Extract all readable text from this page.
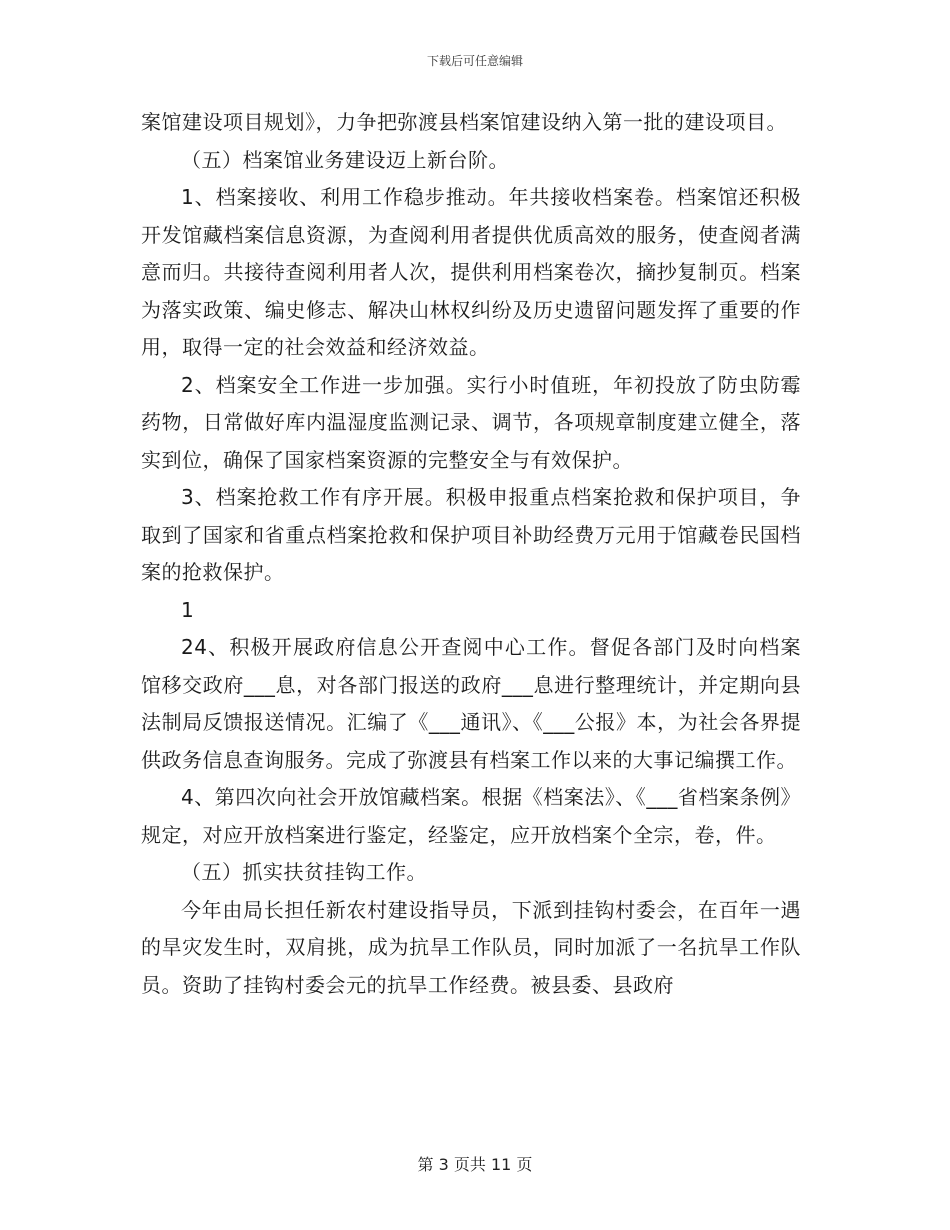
下载后可任意编辑

案馆建设项目规划》，力争把弥渡县档案馆建设纳入第一批的建设项目。

（五）档案馆业务建设迈上新台阶。

1、档案接收、利用工作稳步推动。年共接收档案卷。档案馆还积极开发馆藏档案信息资源，为查阅利用者提供优质高效的服务，使查阅者满意而归。共接待查阅利用者人次，提供利用档案卷次，摘抄复制页。档案为落实政策、编史修志、解决山林权纠纷及历史遗留问题发挥了重要的作用，取得一定的社会效益和经济效益。

2、档案安全工作进一步加强。实行小时值班，年初投放了防虫防霉药物，日常做好库内温湿度监测记录、调节，各项规章制度建立健全，落实到位，确保了国家档案资源的完整安全与有效保护。

3、档案抢救工作有序开展。积极申报重点档案抢救和保护项目，争取到了国家和省重点档案抢救和保护项目补助经费万元用于馆藏卷民国档案的抢救保护。

1

24、积极开展政府信息公开查阅中心工作。督促各部门及时向档案馆移交政府___息，对各部门报送的政府___息进行整理统计，并定期向县法制局反馈报送情况。汇编了《___通讯》、《___公报》本，为社会各界提供政务信息查询服务。完成了弥渡县有档案工作以来的大事记编撰工作。

4、第四次向社会开放馆藏档案。根据《档案法》、《___省档案条例》规定，对应开放档案进行鉴定，经鉴定，应开放档案个全宗，卷，件。

（五）抓实扶贫挂钩工作。

今年由局长担任新农村建设指导员，下派到挂钩村委会，在百年一遇的旱灾发生时，双肩挑，成为抗旱工作队员，同时加派了一名抗旱工作队员。资助了挂钩村委会元的抗旱工作经费。被县委、县政府

第 3 页共 11 页
